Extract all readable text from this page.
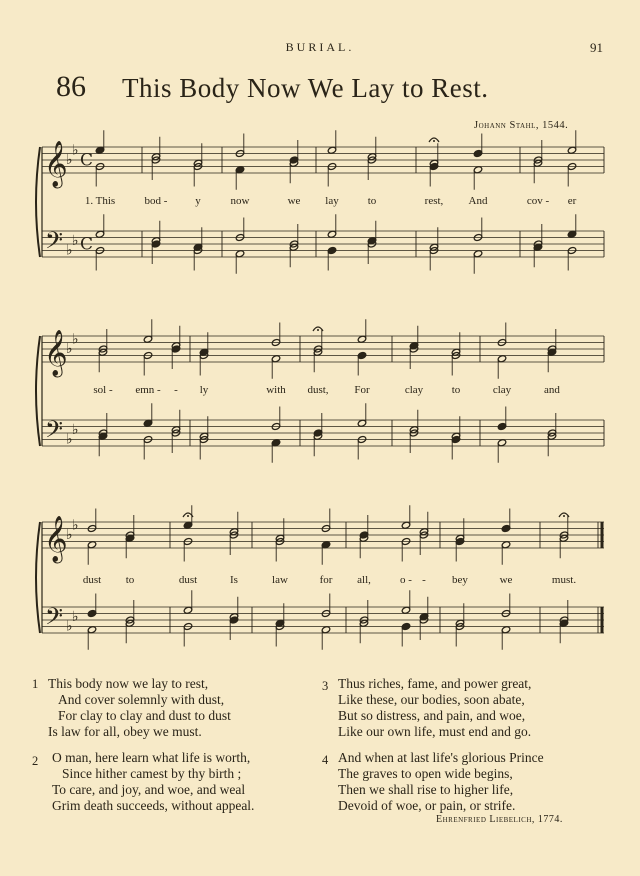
BURIAL.	91
86 This Body Now We Lay to Rest.
Johann Stahl, 1544.
𝄞
♭
♭
C
𝄢 ♭
♭ C
𝄞
♭
♭
𝄢 ♭
♭
𝄞
♭
♭
𝄢 ♭
♭
1. This	bod -	y	now	we lay	to	rest, And	cov - er
sol - emn - - ly	with dust, For	clay	to	clay	and
dust to	dust	Is	law	for all,	o - - bey	we	must.
1 This body now we lay to rest,
And cover solemnly with dust,
For clay to clay and dust to dust
Is law for all, obey we must.
2 O man, here learn what life is worth,
Since hither camest by thy birth ;
To care, and joy, and woe, and weal
Grim death succeeds, without appeal.
3 Thus riches, fame, and power great,
Like these, our bodies, soon abate,
But so distress, and pain, and woe,
Like our own life, must end and go.
4 And when at last life's glorious Prince
The graves to open wide begins,
Then we shall rise to higher life,
Devoid of woe, or pain, or strife.
Ehrenfried Liebelich, 1774.
